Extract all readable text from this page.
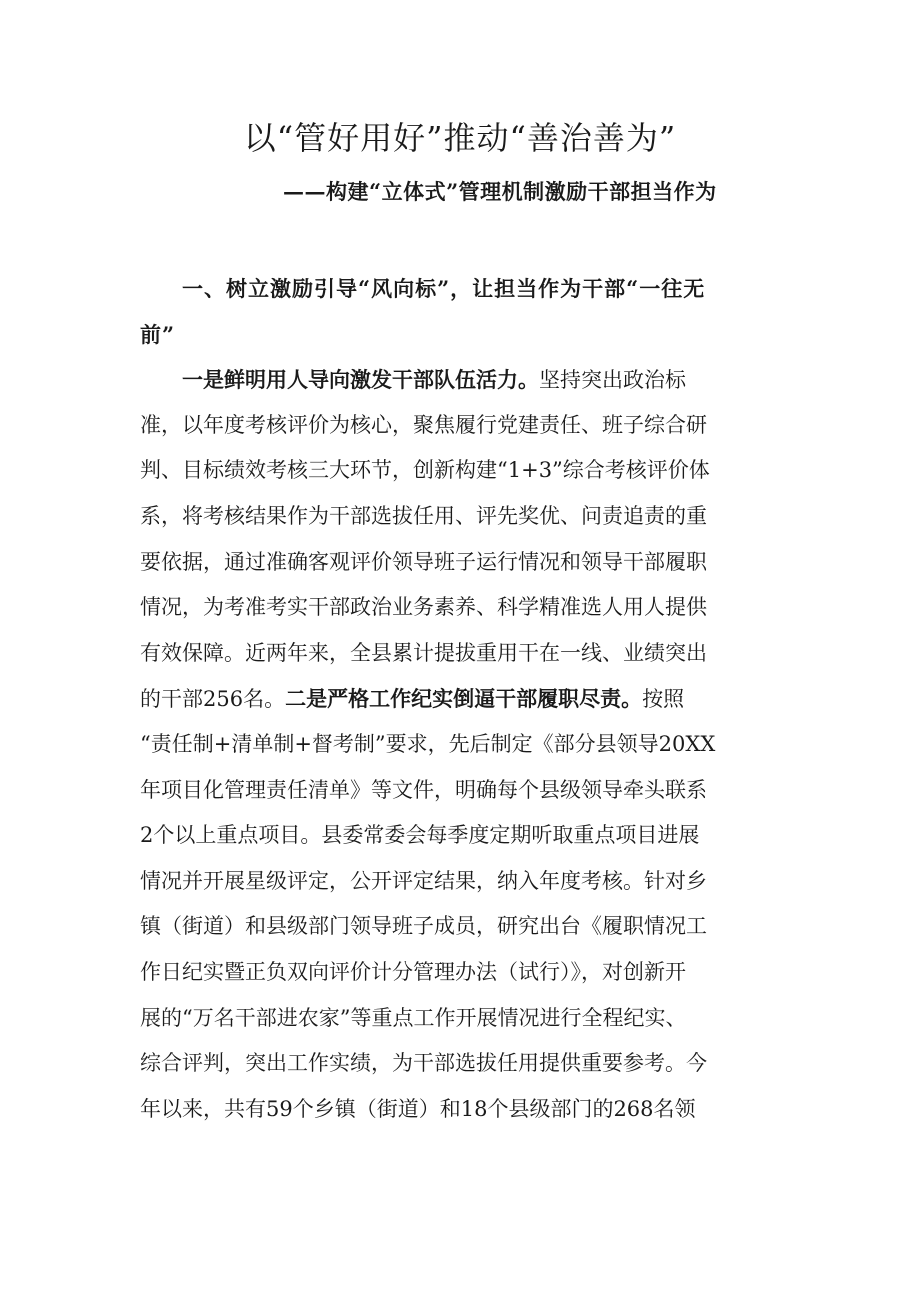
以“管好用好”推动“善治善为”
——构建“立体式”管理机制激励干部担当作为
一、树立激励引导“风向标”，让担当作为干部“一往无
前”
一是鲜明用人导向激发干部队伍活力。坚持突出政治标
准，以年度考核评价为核心，聚焦履行党建责任、班子综合研
判、目标绩效考核三大环节，创新构建“1+3”综合考核评价体
系，将考核结果作为干部选拔任用、评先奖优、问责追责的重
要依据，通过准确客观评价领导班子运行情况和领导干部履职
情况，为考准考实干部政治业务素养、科学精准选人用人提供
有效保障。近两年来，全县累计提拔重用干在一线、业绩突出
的干部256名。二是严格工作纪实倒逼干部履职尽责。按照
“责任制+清单制+督考制”要求，先后制定《部分县领导20XX
年项目化管理责任清单》等文件，明确每个县级领导牵头联系
2个以上重点项目。县委常委会每季度定期听取重点项目进展
情况并开展星级评定，公开评定结果，纳入年度考核。针对乡
镇（街道）和县级部门领导班子成员，研究出台《履职情况工
作日纪实暨正负双向评价计分管理办法（试行）》，对创新开
展的“万名干部进农家”等重点工作开展情况进行全程纪实、
综合评判，突出工作实绩，为干部选拔任用提供重要参考。今
年以来，共有59个乡镇（街道）和18个县级部门的268名领
